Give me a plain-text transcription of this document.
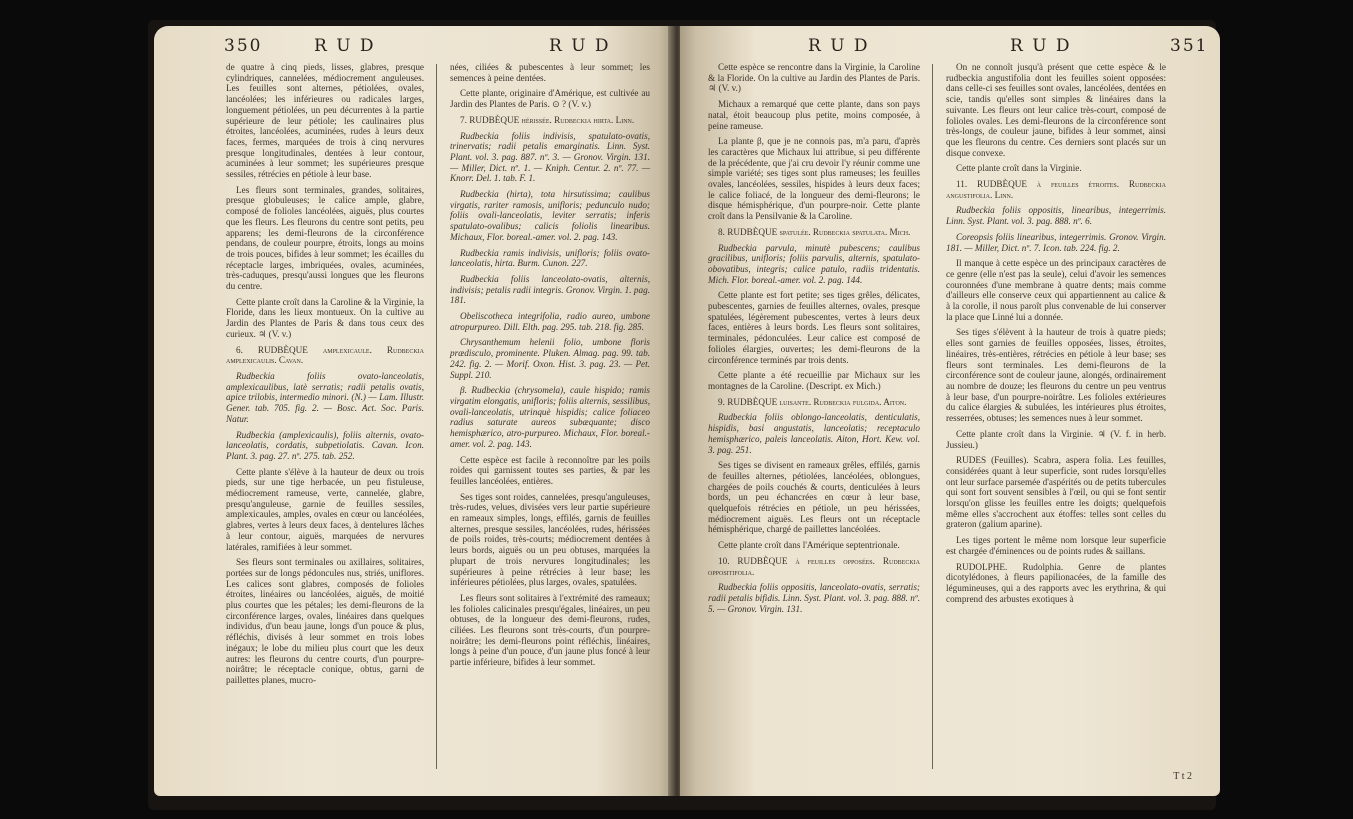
350	R U D	R U D

de quatre à cinq pieds, lisses, glabres, presque cylindriques, cannelées, médiocrement anguleuses. Les feuilles sont alternes, pétiolées, ovales, lancéolées; les inférieures ou radicales larges, longuement pétiolées, un peu décurrentes à la partie supérieure de leur pétiole; les caulinaires plus étroites, lancéolées, acuminées, rudes à leurs deux faces, fermes, marquées de trois à cinq nervures presque longitudinales, dentées à leur contour, acuminées à leur sommet; les supérieures presque sessiles, rétrécies en pétiole à leur base.

Les fleurs sont terminales, grandes, solitaires, presque globuleuses; le calice ample, glabre, composé de folioles lancéolées, aiguës, plus courtes que les fleurs. Les fleurons du centre sont petits, peu apparens; les demi-fleurons de la circonférence pendans, de couleur pourpre, étroits, longs au moins de trois pouces, bifides à leur sommet; les écailles du réceptacle larges, imbriquées, ovales, acuminées, très-caduques, presqu'aussi longues que les fleurons du centre.

Cette plante croît dans la Caroline & la Virginie, la Floride, dans les lieux montueux. On la cultive au Jardin des Plantes de Paris & dans tous ceux des curieux. ♃ (V. v.)

6. RUDBÈQUE amplexicaule. Rudbeckia amplexicaulis. Cavan.

Rudbeckia foliis ovato-lanceolatis, amplexicaulibus, latè serratis; radii petalis ovatis, apice trilobis, intermedio minori. (N.) — Lam. Illustr. Gener. tab. 705. fig. 2. — Bosc. Act. Soc. Paris. Natur.

Rudbeckia (amplexicaulis), foliis alternis, ovato-lanceolatis, cordatis, subpetiolatis. Cavan. Icon. Plant. 3. pag. 27. nº. 275. tab. 252.

Cette plante s'élève à la hauteur de deux ou trois pieds, sur une tige herbacée, un peu fistuleuse, médiocrement rameuse, verte, cannelée, glabre, presqu'anguleuse, garnie de feuilles sessiles, amplexicaules, amples, ovales en cœur ou lancéolées, glabres, vertes à leurs deux faces, à dentelures lâches à leur contour, aiguës, marquées de nervures latérales, ramifiées à leur sommet.

Ses fleurs sont terminales ou axillaires, solitaires, portées sur de longs pédoncules nus, striés, uniflores. Les calices sont glabres, composés de folioles étroites, linéaires ou lancéolées, aiguës, de moitié plus courtes que les pétales; les demi-fleurons de la circonférence larges, ovales, linéaires dans quelques individus, d'un beau jaune, longs d'un pouce & plus, réfléchis, divisés à leur sommet en trois lobes inégaux; le lobe du milieu plus court que les deux autres: les fleurons du centre courts, d'un pourpre-noirâtre; le réceptacle conique, obtus, garni de paillettes planes, mucro-

nées, ciliées & pubescentes à leur sommet; les semences à peine dentées.

Cette plante, originaire d'Amérique, est cultivée au Jardin des Plantes de Paris. ⊙ ? (V. v.)

7. RUDBÈQUE hérissée. Rudbeckia hirta. Linn.

Rudbeckia foliis indivisis, spatulato-ovatis, trinervatis; radii petalis emarginatis. Linn. Syst. Plant. vol. 3. pag. 887. nº. 3. — Gronov. Virgin. 131. — Miller, Dict. nº. 1. — Kniph. Centur. 2. nº. 77. — Knorr. Del. 1. tab. F. 1.

Rudbeckia (hirta), tota hirsutissima; caulibus virgatis, rariter ramosis, unifloris; pedunculo nudo; foliis ovali-lanceolatis, leviter serratis; inferis spatulato-ovalibus; calicis foliolis linearibus. Michaux, Flor. boreal.-amer. vol. 2. pag. 143.

Rudbeckia ramis indivisis, unifloris; foliis ovato-lanceolatis, hirta. Burm. Cunon. 227.

Rudbeckia foliis lanceolato-ovatis, alternis, indivisis; petalis radii integris. Gronov. Virgin. 1. pag. 181.

Obeliscotheca integrifolia, radio aureo, umbone atropurpureo. Dill. Elth. pag. 295. tab. 218. fig. 285.

Chrysanthemum helenii folio, umbone floris prædisculo, prominente. Pluken. Almag. pag. 99. tab. 242. fig. 2. — Morif. Oxon. Hist. 3. pag. 23. — Pet. Suppl. 210.

β. Rudbeckia (chrysomela), caule hispido; ramis virgatim elongatis, unifloris; foliis alternis, sessilibus, ovali-lanceolatis, utrinquè hispidis; calice foliaceo radius saturate aureos subæquante; disco hemisphærico, atro-purpureo. Michaux, Flor. boreal.-amer. vol. 2. pag. 143.

Cette espèce est facile à reconnoître par les poils roides qui garnissent toutes ses parties, & par les feuilles lancéolées, entières.

Ses tiges sont roides, cannelées, presqu'anguleuses, très-rudes, velues, divisées vers leur partie supérieure en rameaux simples, longs, effilés, garnis de feuilles alternes, presque sessiles, lancéolées, rudes, hérissées de poils roides, très-courts; médiocrement dentées à leurs bords, aiguës ou un peu obtuses, marquées la plupart de trois nervures longitudinales; les supérieures à peine rétrécies à leur base; les inférieures pétiolées, plus larges, ovales, spatulées.

Les fleurs sont solitaires à l'extrémité des rameaux; les folioles calicinales presqu'égales, linéaires, un peu obtuses, de la longueur des demi-fleurons, rudes, ciliées. Les fleurons sont très-courts, d'un pourpre-noirâtre; les demi-fleurons point réfléchis, linéaires, longs à peine d'un pouce, d'un jaune plus foncé à leur partie inférieure, bifides à leur sommet.

R U D	R U D	351

Cette espèce se rencontre dans la Virginie, la Caroline & la Floride. On la cultive au Jardin des Plantes de Paris. ♃ (V. v.)

Michaux a remarqué que cette plante, dans son pays natal, étoit beaucoup plus petite, moins composée, à peine rameuse.

La plante β, que je ne connois pas, m'a paru, d'après les caractères que Michaux lui attribue, si peu différente de la précédente, que j'ai cru devoir l'y réunir comme une simple variété; ses tiges sont plus rameuses; les feuilles ovales, lancéolées, sessiles, hispides à leurs deux faces; le calice foliacé, de la longueur des demi-fleurons; le disque hémisphérique, d'un pourpre-noir. Cette plante croît dans la Pensilvanie & la Caroline.

8. RUDBÈQUE spatulée. Rudbeckia spatulata. Mich.

Rudbeckia parvula, minutè pubescens; caulibus gracilibus, unifloris; foliis parvulis, alternis, spatulato-obovatibus, integris; calice patulo, radiis tridentatis. Mich. Flor. boreal.-amer. vol. 2. pag. 144.

Cette plante est fort petite; ses tiges grêles, délicates, pubescentes, garnies de feuilles alternes, ovales, presque spatulées, légèrement pubescentes, vertes à leurs deux faces, entières à leurs bords. Les fleurs sont solitaires, terminales, pédonculées. Leur calice est composé de folioles élargies, ouvertes; les demi-fleurons de la circonférence terminés par trois dents.

Cette plante a été recueillie par Michaux sur les montagnes de la Caroline. (Descript. ex Mich.)

9. RUDBÈQUE luisante. Rudbeckia fulgida. Aiton.

Rudbeckia foliis oblongo-lanceolatis, denticulatis, hispidis, basi angustatis, lanceolatis; receptaculo hemisphærico, paleis lanceolatis. Aiton, Hort. Kew. vol. 3. pag. 251.

Ses tiges se divisent en rameaux grêles, effilés, garnis de feuilles alternes, pétiolées, lancéolées, oblongues, chargées de poils couchés & courts, denticulées à leurs bords, un peu échancrées en cœur à leur base, quelquefois rétrécies en pétiole, un peu hérissées, médiocrement aiguës. Les fleurs ont un réceptacle hémisphérique, chargé de paillettes lancéolées.

Cette plante croît dans l'Amérique septentrionale.

10. RUDBÈQUE à feuilles opposées. Rudbeckia oppositifolia.

Rudbeckia foliis oppositis, lanceolato-ovatis, serratis; radii petalis bifidis. Linn. Syst. Plant. vol. 3. pag. 888. nº. 5. — Gronov. Virgin. 131.

On ne connoît jusqu'à présent que cette espèce & le rudbeckia angustifolia dont les feuilles soient opposées: dans celle-ci ses feuilles sont ovales, lancéolées, dentées en scie, tandis qu'elles sont simples & linéaires dans la suivante. Les fleurs ont leur calice très-court, composé de folioles ovales. Les demi-fleurons de la circonférence sont très-longs, de couleur jaune, bifides à leur sommet, ainsi que les fleurons du centre. Ces derniers sont placés sur un disque convexe.

Cette plante croît dans la Virginie.

11. RUDBÈQUE à feuilles étroites. Rudbeckia angustifolia. Linn.

Rudbeckia foliis oppositis, linearibus, integerrimis. Linn. Syst. Plant. vol. 3. pag. 888. nº. 6.

Coreopsis foliis linearibus, integerrimis. Gronov. Virgin. 181. — Miller, Dict. nº. 7. Icon. tab. 224. fig. 2.

Il manque à cette espèce un des principaux caractères de ce genre (elle n'est pas la seule), celui d'avoir les semences couronnées d'une membrane à quatre dents; mais comme d'ailleurs elle conserve ceux qui appartiennent au calice & à la corolle, il nous paroît plus convenable de lui conserver la place que Linné lui a donnée.

Ses tiges s'élèvent à la hauteur de trois à quatre pieds; elles sont garnies de feuilles opposées, lisses, étroites, linéaires, très-entières, rétrécies en pétiole à leur base; ses fleurs sont terminales. Les demi-fleurons de la circonférence sont de couleur jaune, alongés, ordinairement au nombre de douze; les fleurons du centre un peu ventrus à leur base, d'un pourpre-noirâtre. Les folioles extérieures du calice élargies & subulées, les intérieures plus étroites, resserrées, obtuses; les semences nues à leur sommet.

Cette plante croît dans la Virginie. ♃ (V. f. in herb. Jussieu.)

RUDES (Feuilles). Scabra, aspera folia. Les feuilles, considérées quant à leur superficie, sont rudes lorsqu'elles ont leur surface parsemée d'aspérités ou de petits tubercules qui sont fort souvent sensibles à l'œil, ou qui se font sentir lorsqu'on glisse les feuilles entre les doigts; quelquefois même elles s'accrochent aux étoffes: telles sont celles du grateron (galium aparine).

Les tiges portent le même nom lorsque leur superficie est chargée d'éminences ou de points rudes & saillans.

RUDOLPHE. Rudolphia. Genre de plantes dicotylédones, à fleurs papilionacées, de la famille des légumineuses, qui a des rapports avec les erythrina, & qui comprend des arbustes exotiques à

T t 2
